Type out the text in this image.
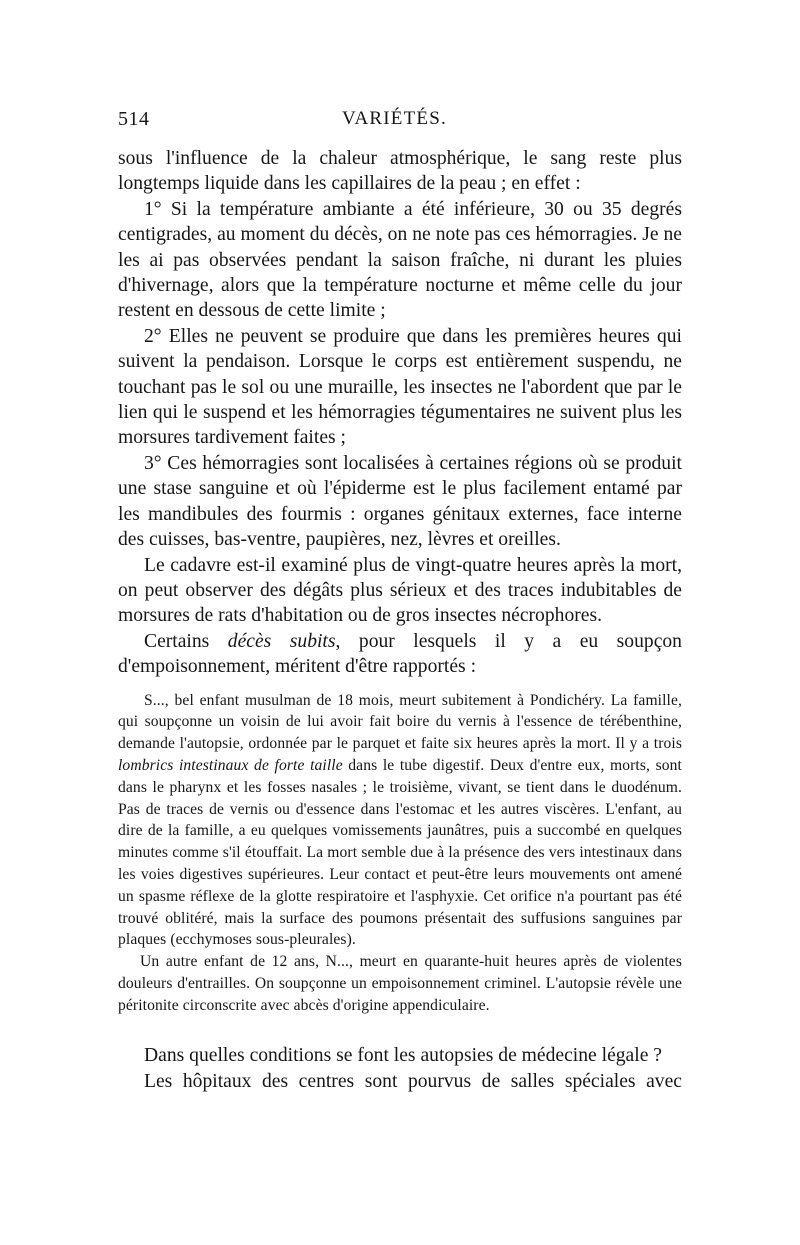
514	VARIÉTÉS.

sous l'influence de la chaleur atmosphérique, le sang reste plus longtemps liquide dans les capillaires de la peau ; en effet :

1° Si la température ambiante a été inférieure, 30 ou 35 degrés centigrades, au moment du décès, on ne note pas ces hémorragies. Je ne les ai pas observées pendant la saison fraîche, ni durant les pluies d'hivernage, alors que la température nocturne et même celle du jour restent en dessous de cette limite ;

2° Elles ne peuvent se produire que dans les premières heures qui suivent la pendaison. Lorsque le corps est entièrement suspendu, ne touchant pas le sol ou une muraille, les insectes ne l'abordent que par le lien qui le suspend et les hémorragies tégumentaires ne suivent plus les morsures tardivement faites ;

3° Ces hémorragies sont localisées à certaines régions où se produit une stase sanguine et où l'épiderme est le plus facilement entamé par les mandibules des fourmis : organes génitaux externes, face interne des cuisses, bas-ventre, paupières, nez, lèvres et oreilles.

Le cadavre est-il examiné plus de vingt-quatre heures après la mort, on peut observer des dégâts plus sérieux et des traces indubitables de morsures de rats d'habitation ou de gros insectes nécrophores.

Certains décès subits, pour lesquels il y a eu soupçon d'empoisonnement, méritent d'être rapportés :

S..., bel enfant musulman de 18 mois, meurt subitement à Pondichéry. La famille, qui soupçonne un voisin de lui avoir fait boire du vernis à l'essence de térébenthine, demande l'autopsie, ordonnée par le parquet et faite six heures après la mort. Il y a trois lombrics intestinaux de forte taille dans le tube digestif. Deux d'entre eux, morts, sont dans le pharynx et les fosses nasales ; le troisième, vivant, se tient dans le duodénum. Pas de traces de vernis ou d'essence dans l'estomac et les autres viscères. L'enfant, au dire de la famille, a eu quelques vomissements jaunâtres, puis a succombé en quelques minutes comme s'il étouffait. La mort semble due à la présence des vers intestinaux dans les voies digestives supérieures. Leur contact et peut-être leurs mouvements ont amené un spasme réflexe de la glotte respiratoire et l'asphyxie. Cet orifice n'a pourtant pas été trouvé oblitéré, mais la surface des poumons présentait des suffusions sanguines par plaques (ecchymoses sous-pleurales).

Un autre enfant de 12 ans, N..., meurt en quarante-huit heures après de violentes douleurs d'entrailles. On soupçonne un empoisonnement criminel. L'autopsie révèle une péritonite circonscrite avec abcès d'origine appendiculaire.

Dans quelles conditions se font les autopsies de médecine légale ?

Les hôpitaux des centres sont pourvus de salles spéciales avec
